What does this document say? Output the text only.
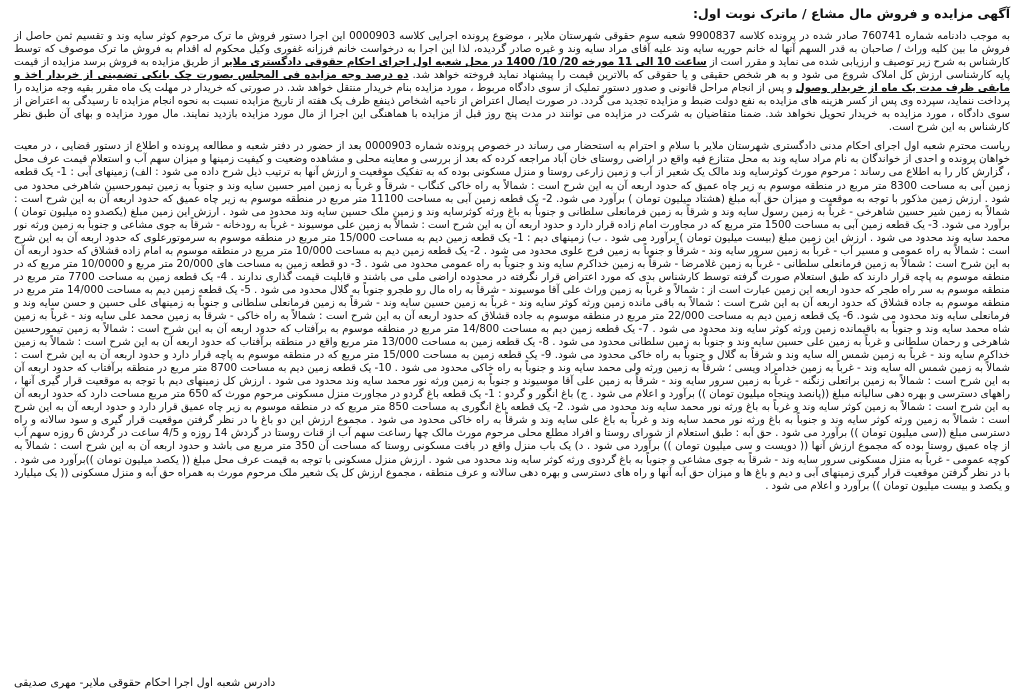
آگهی مزایده و فروش مال مشاع / ماترک نوبت اول:

به موجب دادنامه شماره 760741 صادر شده در پرونده کلاسه 9900837 شعبه سوم حقوقی شهرستان ملایر ، موضوع پرونده اجرایی کلاسه 0000903 این اجرا دستور فروش ما ترک مرحوم کوثر سایه وند و تقسیم ثمن حاصل از فروش ما بین کلیه وراث / صاحبان به قدر السهم آنها له خانم حوریه سایه وند علیه آقای مراد سایه وند و غیره صادر گردیده، لذا این اجرا به درخواست خانم فرزانه غفوری وکیل محکوم له اقدام به فروش ما ترک موصوف که توسط کارشناس به شرح زیر توصیف و ارزیابی شده می نماید و مقرر است از ساعت 10 الی 11 مورخه 20/ 10/ 1400 در محل شعبه اول اجرای احکام حقوقی دادگستری ملایر از طریق مزایده به فروش برسد مزایده از قیمت پایه کارشناسی ارزش کل املاک شروع می شود و به هر شخص حقیقی و یا حقوقی که بالاترین قیمت را پیشنهاد نماید فروخته خواهد شد. ده درصد وجه مزایده فی المجلس بصورت چک بانکی تضمینی از خریدار اخذ و مابقی ظرف مدت یک ماه از خریدار وصول و پس از انجام مراحل قانونی و صدور دستور تملیک از سوی دادگاه مربوط ، مورد مزایده بنام خریدار منتقل خواهد شد. در صورتی که خریدار در مهلت یک ماه مقرر بقیه وجه مزایده را پرداخت ننماید، سپرده وی پس از کسر هزینه های مزایده به نفع دولت ضبط و مزایده تجدید می گردد. در صورت ایصال اعتراض از ناحیه اشخاص ذینفع ظرف یک هفته از تاریخ مزایده نسبت به نحوه انجام مزایده تا رسیدگی به اعتراض از سوی دادگاه ، مورد مزایده به خریدار تحویل نخواهد شد. ضمنا متقاضیان به شرکت در مزایده می توانند در مدت پنج روز قبل از مزایده با هماهنگی این اجرا از مال مورد مزایده بازدید نمایند. مال مورد مزایده و بهای آن طبق نظر کارشناس به این شرح است.

ریاست محترم شعبه اول اجرای احکام مدنی دادگستری شهرستان ملایر با سلام و احترام به استحضار می رساند در خصوص پرونده شماره 0000903 بعد از حضور در دفتر شعبه و مطالعه پرونده و اطلاع از دستور قضایی ، در معیت خواهان پرونده و احدی از خواندگان به نام مراد سایه وند به محل متنازع فیه واقع در اراضی روستای خان آباد مراجعه کرده که بعد از بررسی و معاینه محلی و مشاهده وضعیت و کیفیت زمینها و میزان سهم آب و استعلام قیمت عرف محل ، گزارش کار را به اطلاع می رساند : مرحوم مورث کوثرسایه وند مالک یک شعیر از آب و زمین زارعی روستا و منزل مسکونی بوده که به تفکیک موقعیت و ارزش آنها به ترتیب ذیل شرح داده می شود : الف) زمینهای آبی : 1- یک قطعه زمین آبی به مساحت 8300 متر مربع در منطقه موسوم به زیر چاه عمیق که حدود اربعه آن به این شرح است : شمالاً به راه خاکی کنگاب - شرقاً و غرباً به زمین امیر حسین سایه وند و جنوباً به زمین تیمورحسین شاهرخی محدود می شود . ارزش زمین مذکور با توجه به موقعیت و میزان حق آبه مبلغ (هشتاد میلیون تومان ) برآورد می شود. 2- یک قطعه زمین آبی به مساحت 11100 متر مربع در منطقه موسوم به زیر چاه عمیق که حدود اربعه آن به این شرح است : شمالاً به زمین شیر حسین شاهرخی - غرباً به زمین رسول سایه وند و شرقاً به زمین فرمانعلی سلطانی و جنوباً به باغ ورثه کوثرسایه وند و زمین ملک حسین سایه وند محدود می شود . ارزش این زمین مبلغ (یکصدو ده میلیون تومان ) برآورد می شود. 3- یک قطعه زمین آبی به مساحت 1500 متر مربع که در مجاورت امام زاده قرار دارد و حدود اربعه آن به این شرح است : شمالاً به زمین علی موسیوند - غرباً به رودخانه - شرقاً به جوی مشاعی و جنوباً به زمین ورثه نور محمد سایه وند محدود می شود . ارزش این زمین مبلغ (بیست میلیون تومان ) برآورد می شود . ب) زمینهای دیم : 1- یک قطعه زمین دیم به مساحت 15/000 متر مربع در منطقه موسوم به سرموتورعلوی که حدود اربعه آن به این شرح است : شمالاً به راه عمومی و مسیر آب - غرباً به زمین سرور سایه وند - شرقاً و جنوباً به زمین فرج علوی محدود می شود . 2- یک قطعه زمین دیم به مساحت 10/000 متر مربع در منطقه موسوم به امام زاده قشلاق که حدود اربعه آن به این شرح است : شمالاً به زمین فرمانعلی سلطانی - غرباً به زمین غلامرضا - شرقاً به زمین خداکرم سایه وند و جنوباً به راه عمومی محدود می شود . 3- دو قطعه زمین به مساحت های 20/000 متر مربع و 10/0000 متر مربع که در منطقه موسوم به پاچه قرار دارند که طبق استعلام صورت گرفته توسط کارشناس بدی که مورد اعتراض قرار نگرفته در محدوده اراضی ملی می باشند و قابلیت قیمت گذاری ندارند . 4- یک قطعه زمین به مساحت 7700 متر مربع در منطقه موسوم به سر راه طجر که حدود اربعه این زمین عبارت است از : شمالاً و غرباً به زمین وراث علی آقا موسیوند - شرقاً به راه مال رو طجرو جنوباً به گلال محدود می شود . 5- یک قطعه زمین دیم به مساحت 14/000 متر مربع در منطقه موسوم به جاده قشلاق که حدود اربعه آن به این شرح است : شمالاً به باقی مانده زمین ورثه کوثر سایه وند - غرباً به زمین حسین سایه وند - شرقاً به زمین فرمانعلی سلطانی و جنوباً به زمینهای علی حسین و حسن سایه وند و فرمانعلی سایه وند محدود می شود. 6- یک قطعه زمین دیم به مساحت 22/000 متر مربع در منطقه موسوم به جاده قشلاق که حدود اربعه آن به این شرح است : شمالاً به راه خاکی - شرقاً به زمین محمد علی سایه وند - غرباً به زمین شاه محمد سایه وند و جنوباً به باقیمانده زمین ورثه کوثر سایه وند محدود می شود . 7- یک قطعه زمین دیم به مساحت 14/800 متر مربع در منطقه موسوم به برآفتاب که حدود اربعه آن به این شرح است : شمالاً به زمین تیمورحسین شاهرخی و رحمان سلطانی و غرباً به زمین علی حسین سایه وند و جنوباً به زمین سلطانی محدود می شود . 8- یک قطعه زمین به مساحت 13/000 متر مربع واقع در منطقه برآفتاب که حدود اربعه آن به این شرح است : شمالاً به زمین خداکرم سایه وند - غرباً به زمین شمس اله سایه وند و شرقاً به گلال و جنوباً به راه خاکی محدود می شود. 9- یک قطعه زمین به مساحت 15/000 متر مربع که در منطقه موسوم به پاچه قرار دارد و حدود اربعه آن به این شرح است : شمالاً به زمین شمس اله سایه وند - غرباً به زمین خدامراد ویسی ؛ شرقاً به زمین ورثه ولی محمد سایه وند و جنوباً به راه خاکی محدود می شود . 10- یک قطعه زمین دیم به مساحت 8700 متر مربع در منطقه برآفتاب که حدود اربعه آن به این شرح است : شمالاً به زمین براتعلی زنگنه - غرباً به زمین سرور سایه وند - شرقاً به زمین علی آقا موسیوند و جنوباً به زمین ورثه نور محمد سایه وند محدود می شود . ارزش کل زمینهای دیم با توجه به موقعیت قرار گیری آنها ، راههای دسترسی و بهره دهی سالیانه مبلغ ((پانصد وپنجاه میلیون تومان )) برآورد و اعلام می شود . ج) باغ انگور و گردو : 1- یک قطعه باغ گردو در مجاورت منزل مسکونی مرحوم مورث که 650 متر مربع مساحت دارد که حدود اربعه آن به این شرح است : شمالاً به زمین کوثر سایه وند و غرباً به باغ ورثه نور محمد سایه وند محدود می شود. 2- یک قطعه باغ انگوری به مساحت 850 متر مربع که در منطقه موسوم به زیر چاه عمیق قرار دارد و حدود اربعه آن به این شرح است : شمالاً به زمین ورثه کوثر سایه وند و جنوباً به باغ ورثه نور محمد سایه وند و غرباً به باغ علی سایه وند و شرقاً به راه خاکی محدود می شود . مجموع ارزش این دو باغ با در نظر گرفتن موقعیت قرار گیری و سود سالانه و راه دسترسی مبلغ ((سی میلیون تومان )) برآورد می شود . حق آبه : طبق استعلام از شورای روستا و افراد مطلع محلی مرحوم مورث مالک چها رساعت سهم آب از قنات روستا در گردش 14 روزه و 4/5 ساعت در گردش 6 روزه سهم آب از چاه عمیق روستا بوده که مجموع ارزش آنها (( دویست و سی میلیون تومان )) برآورد می شود . د) یک باب منزل واقع در بافت مسکونی روستا که مساحت آن 350 متر مربع می باشد و حدود اربعه آن به این شرح است : شمالاً به کوچه عمومی - غرباً به منزل مسکونی سرور سایه وند - شرقاً به جوی مشاعی و جنوباً به باغ گردوی ورثه کوثر سایه وند محدود می شود . ارزش منزل مسکونی با توجه به قیمت عرف محل مبلغ (( یکصد میلیون تومان ))برآورد می شود . با در نظر گرفتن موقعیت قرار گیری زمینهای آبی و دیم و باغ ها و میزان حق آبه آنها و راه های دسترسی و بهره دهی سالانه و عرف منطقه ، مجموع ارزش کل یک شعیر ملک مرحوم مورث به همراه حق آبه و منزل مسکونی (( یک میلیارد و یکصد و بیست میلیون تومان )) برآورد و اعلام می شود .

دادرس شعبه اول اجرا احکام حقوقی ملایر- مهری صدیقی
